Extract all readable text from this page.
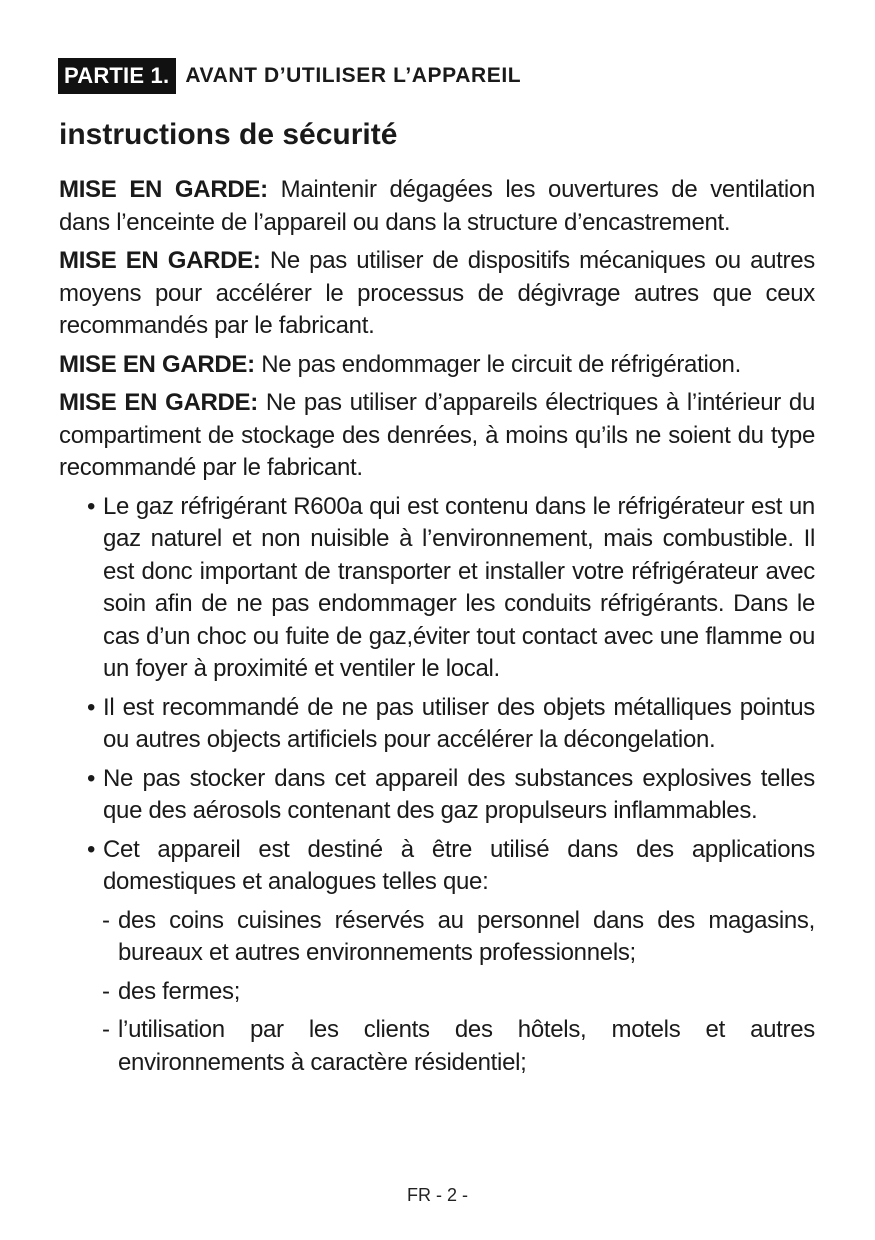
PARTIE 1. AVANT D’UTILISER L’APPAREIL
instructions de sécurité

MISE EN GARDE: Maintenir dégagées les ouvertures de ventilation dans l’enceinte de l’appareil ou dans la structure d’encastrement.

MISE EN GARDE: Ne pas utiliser de dispositifs mécaniques ou autres moyens pour accélérer le processus de dégivrage autres que ceux recommandés par le fabricant.

MISE EN GARDE: Ne pas endommager le circuit de réfrigération.

MISE EN GARDE: Ne pas utiliser d’appareils électriques à l’intérieur du compartiment de stockage des denrées, à moins qu’ils ne soient du type recommandé par le fabricant.

• Le gaz réfrigérant R600a qui est contenu dans le réfrigérateur est un gaz naturel et non nuisible à l’environnement, mais combustible. Il est donc important de transporter et installer votre réfrigérateur avec soin afin de ne pas endommager les conduits réfrigérants. Dans le cas d’un choc ou fuite de gaz,éviter tout contact avec une flamme ou un foyer à proximité et ventiler le local.

• Il est recommandé de ne pas utiliser des objets métalliques pointus ou autres objects artificiels pour accélérer la décongelation.

• Ne pas stocker dans cet appareil des substances explosives telles que des aérosols contenant des gaz propulseurs inflammables.

• Cet appareil est destiné à être utilisé dans des applications domestiques et analogues telles que:

- des coins cuisines réservés au personnel dans des magasins, bureaux et autres environnements professionnels;

- des fermes;

- l’utilisation par les clients des hôtels, motels et autres environnements à caractère résidentiel;

FR - 2 -
